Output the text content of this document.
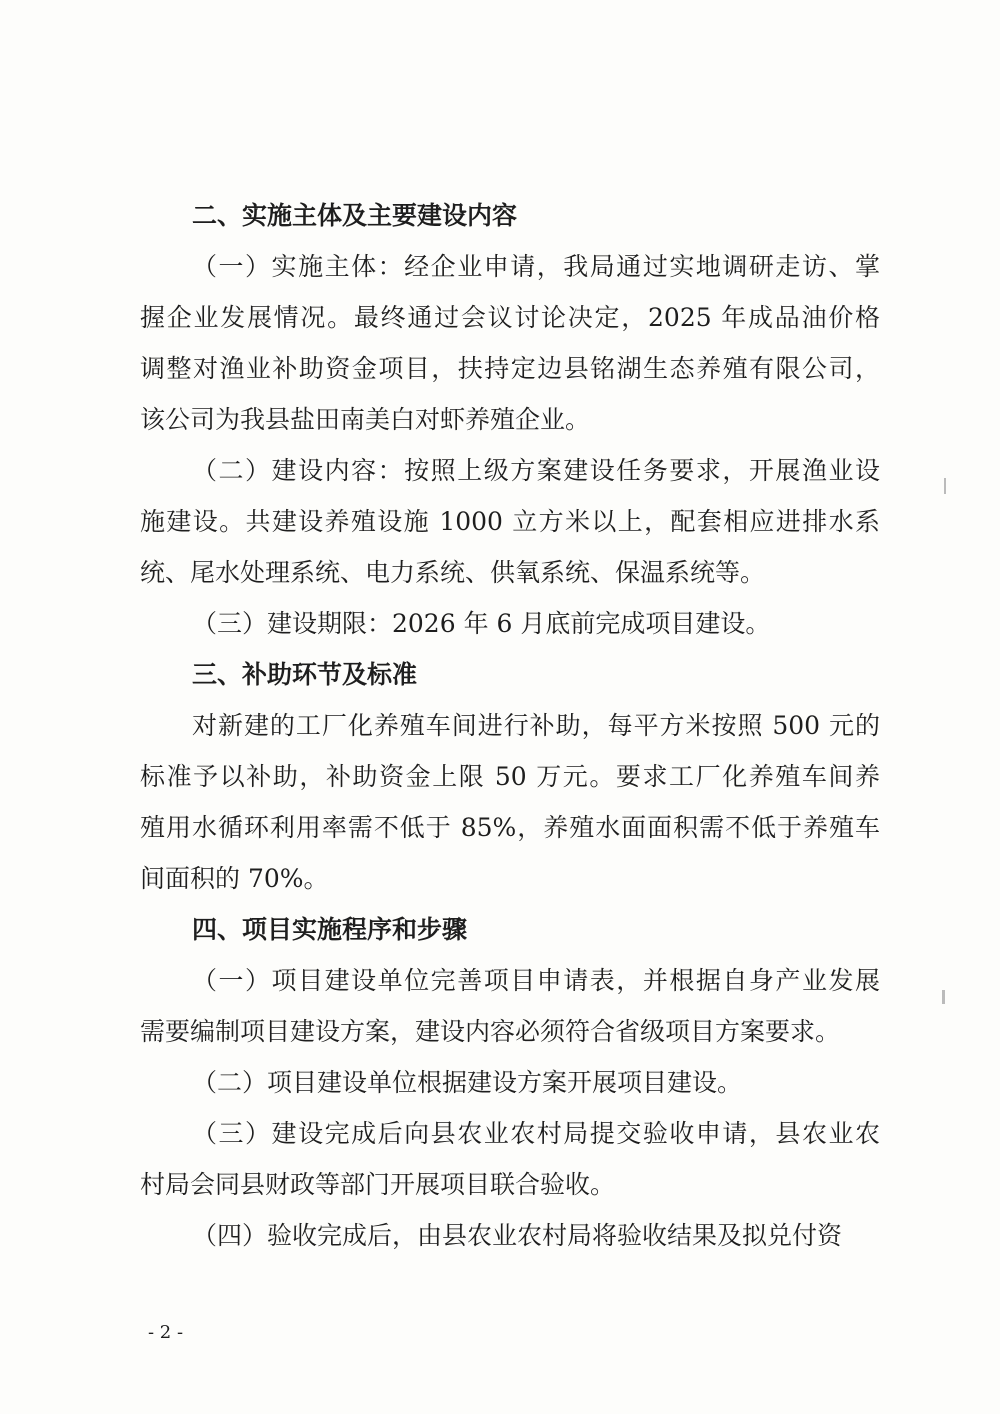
二、实施主体及主要建设内容
（一）实施主体：经企业申请，我局通过实地调研走访、掌
握企业发展情况。最终通过会议讨论决定，2025 年成品油价格
调整对渔业补助资金项目，扶持定边县铭湖生态养殖有限公司，
该公司为我县盐田南美白对虾养殖企业。
（二）建设内容：按照上级方案建设任务要求，开展渔业设
施建设。共建设养殖设施 1000 立方米以上，配套相应进排水系
统、尾水处理系统、电力系统、供氧系统、保温系统等。
（三）建设期限：2026 年 6 月底前完成项目建设。
三、补助环节及标准
对新建的工厂化养殖车间进行补助，每平方米按照 500 元的
标准予以补助，补助资金上限 50 万元。要求工厂化养殖车间养
殖用水循环利用率需不低于 85%，养殖水面面积需不低于养殖车
间面积的 70%。
四、项目实施程序和步骤
（一）项目建设单位完善项目申请表，并根据自身产业发展
需要编制项目建设方案，建设内容必须符合省级项目方案要求。
（二）项目建设单位根据建设方案开展项目建设。
（三）建设完成后向县农业农村局提交验收申请，县农业农
村局会同县财政等部门开展项目联合验收。
（四）验收完成后，由县农业农村局将验收结果及拟兑付资
- 2 -
